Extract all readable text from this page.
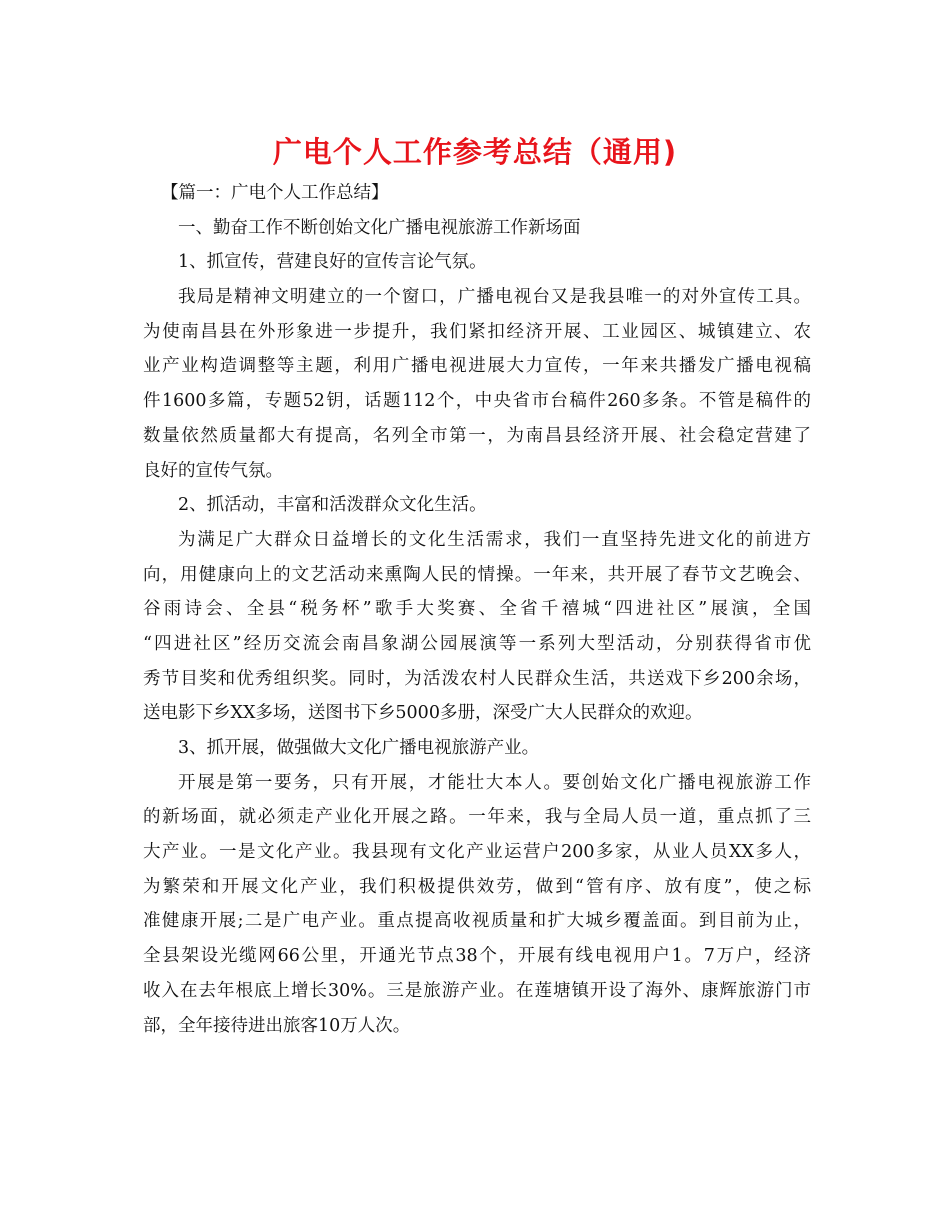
广电个人工作参考总结（通用)
【篇一：广电个人工作总结】
一、勤奋工作不断创始文化广播电视旅游工作新场面
1、抓宣传，营建良好的宣传言论气氛。
我局是精神文明建立的一个窗口，广播电视台又是我县唯一的对外宣传工具。
为使南昌县在外形象进一步提升，我们紧扣经济开展、工业园区、城镇建立、农
业产业构造调整等主题，利用广播电视进展大力宣传，一年来共播发广播电视稿
件1600多篇，专题52钥，话题112个，中央省市台稿件260多条。不管是稿件的
数量依然质量都大有提高，名列全市第一，为南昌县经济开展、社会稳定营建了
良好的宣传气氛。
2、抓活动，丰富和活泼群众文化生活。
为满足广大群众日益增长的文化生活需求，我们一直坚持先进文化的前进方
向，用健康向上的文艺活动来熏陶人民的情操。一年来，共开展了春节文艺晚会、
谷雨诗会、全县“税务杯”歌手大奖赛、全省千禧城“四进社区”展演，全国
“四进社区”经历交流会南昌象湖公园展演等一系列大型活动，分别获得省市优
秀节目奖和优秀组织奖。同时，为活泼农村人民群众生活，共送戏下乡200余场，
送电影下乡XX多场，送图书下乡5000多册，深受广大人民群众的欢迎。
3、抓开展，做强做大文化广播电视旅游产业。
开展是第一要务，只有开展，才能壮大本人。要创始文化广播电视旅游工作
的新场面，就必须走产业化开展之路。一年来，我与全局人员一道，重点抓了三
大产业。一是文化产业。我县现有文化产业运营户200多家，从业人员XX多人，
为繁荣和开展文化产业，我们积极提供效劳，做到“管有序、放有度”，使之标
准健康开展;二是广电产业。重点提高收视质量和扩大城乡覆盖面。到目前为止，
全县架设光缆网66公里，开通光节点38个，开展有线电视用户1。7万户，经济
收入在去年根底上增长30%。三是旅游产业。在莲塘镇开设了海外、康辉旅游门市
部，全年接待进出旅客10万人次。
